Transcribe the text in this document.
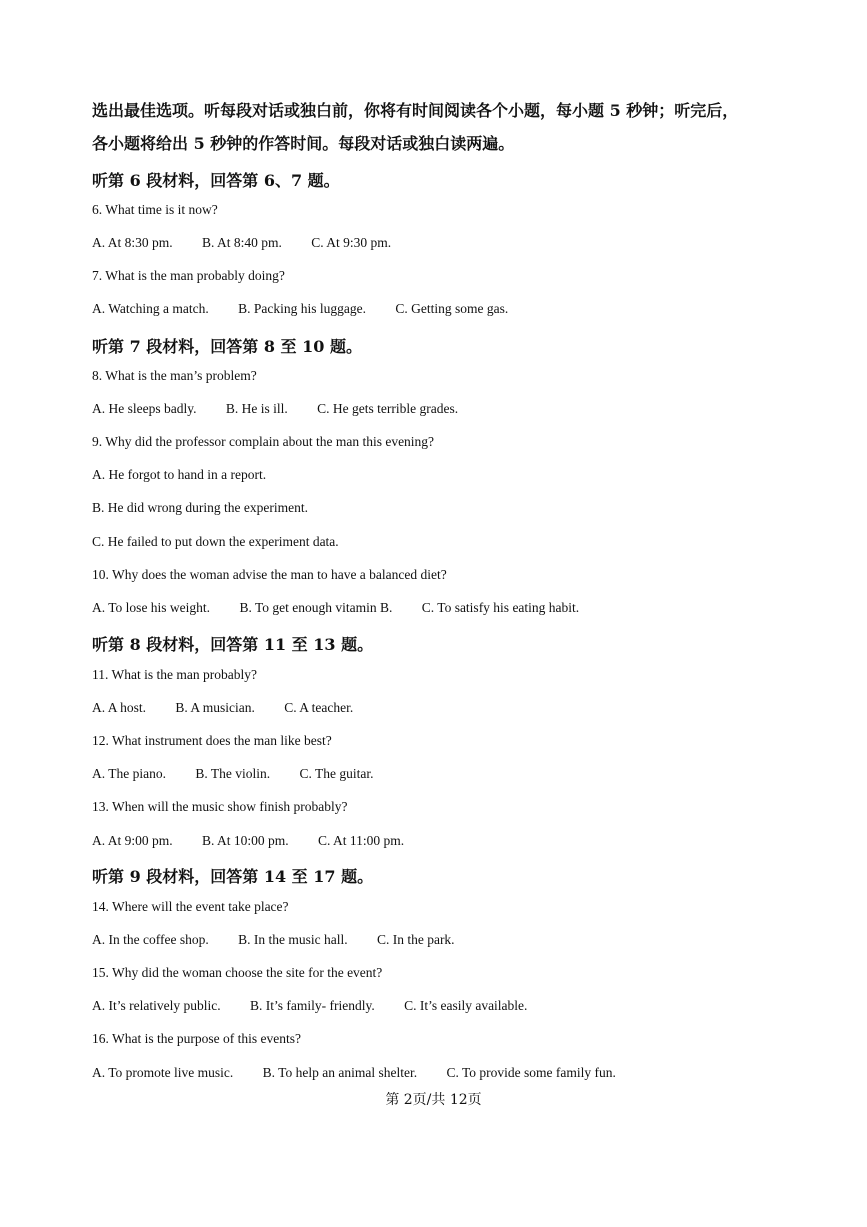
选出最佳选项。听每段对话或独白前，你将有时间阅读各个小题，每小题 5 秒钟；听完后，
各小题将给出 5 秒钟的作答时间。每段对话或独白读两遍。
听第 6 段材料，回答第 6、7 题。
6. What time is it now?
A. At 8:30 pm. B. At 8:40 pm. C. At 9:30 pm.
7. What is the man probably doing?
A. Watching a match. B. Packing his luggage. C. Getting some gas.
听第 7 段材料，回答第 8 至 10 题。
8. What is the man’s problem?
A. He sleeps badly. B. He is ill. C. He gets terrible grades.
9. Why did the professor complain about the man this evening?
A. He forgot to hand in a report.
B. He did wrong during the experiment.
C. He failed to put down the experiment data.
10. Why does the woman advise the man to have a balanced diet?
A. To lose his weight. B. To get enough vitamin B. C. To satisfy his eating habit.
听第 8 段材料，回答第 11 至 13 题。
11. What is the man probably?
A. A host. B. A musician. C. A teacher.
12. What instrument does the man like best?
A. The piano. B. The violin. C. The guitar.
13. When will the music show finish probably?
A. At 9:00 pm. B. At 10:00 pm. C. At 11:00 pm.
听第 9 段材料，回答第 14 至 17 题。
14. Where will the event take place?
A. In the coffee shop. B. In the music hall. C. In the park.
15. Why did the woman choose the site for the event?
A. It’s relatively public. B. It’s family- friendly. C. It’s easily available.
16. What is the purpose of this events?
A. To promote live music. B. To help an animal shelter. C. To provide some family fun.
第 2页/共 12页
